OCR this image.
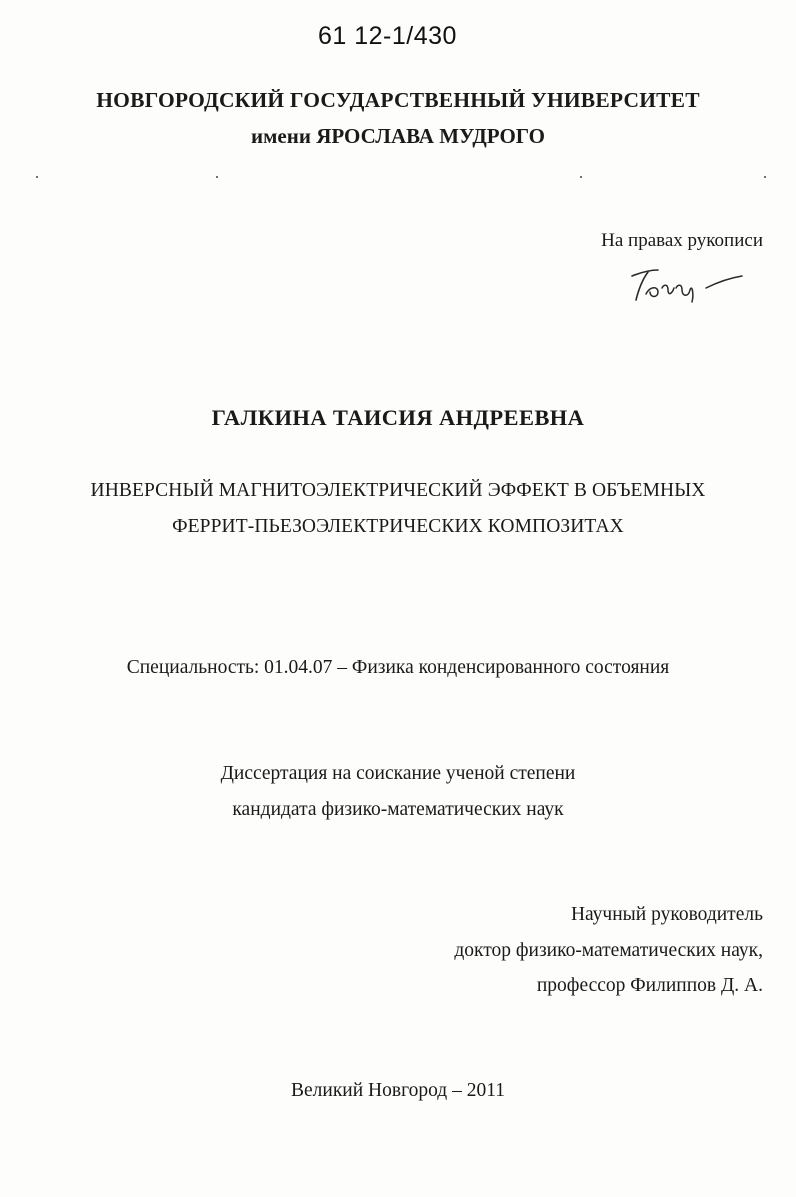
61 12-1/430
НОВГОРОДСКИЙ ГОСУДАРСТВЕННЫЙ УНИВЕРСИТЕТ
имени ЯРОСЛАВА МУДРОГО
На правах рукописи
ГАЛКИНА ТАИСИЯ АНДРЕЕВНА
ИНВЕРСНЫЙ МАГНИТОЭЛЕКТРИЧЕСКИЙ ЭФФЕКТ В ОБЪЕМНЫХ
ФЕРРИТ-ПЬЕЗОЭЛЕКТРИЧЕСКИХ КОМПОЗИТАХ
Специальность: 01.04.07 – Физика конденсированного состояния
Диссертация на соискание ученой степени
кандидата физико-математических наук
Научный руководитель
доктор физико-математических наук,
профессор Филиппов Д. А.
Великий Новгород – 2011
